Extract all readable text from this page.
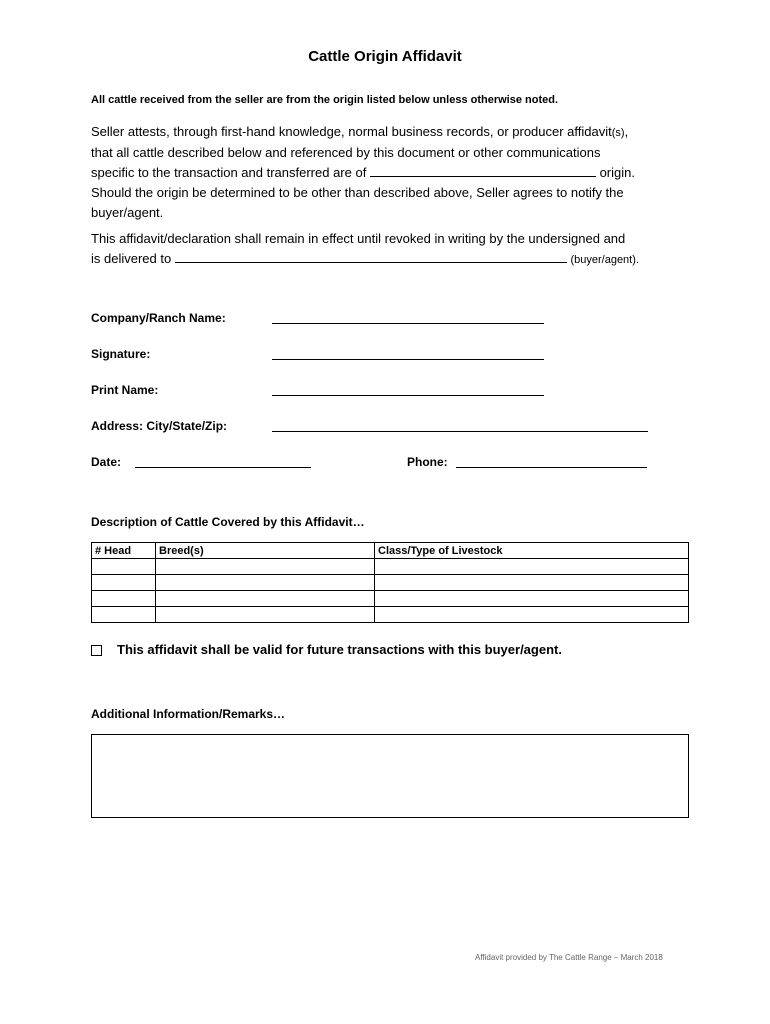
Cattle Origin Affidavit
All cattle received from the seller are from the origin listed below unless otherwise noted.
Seller attests, through first-hand knowledge, normal business records, or producer affidavit(s),
that all cattle described below and referenced by this document or other communications
specific to the transaction and transferred are of	origin.
Should the origin be determined to be other than described above, Seller agrees to notify the
buyer/agent.
This affidavit/declaration shall remain in effect until revoked in writing by the undersigned and
is delivered to	(buyer/agent).
Company/Ranch Name:
Signature:
Print Name:
Address: City/State/Zip:
Date:	Phone:
Description of Cattle Covered by this Affidavit…
# Head	Breed(s)	Class/Type of Livestock

This affidavit shall be valid for future transactions with this buyer/agent.
Additional Information/Remarks…
Affidavit provided by The Cattle Range – March 2018
